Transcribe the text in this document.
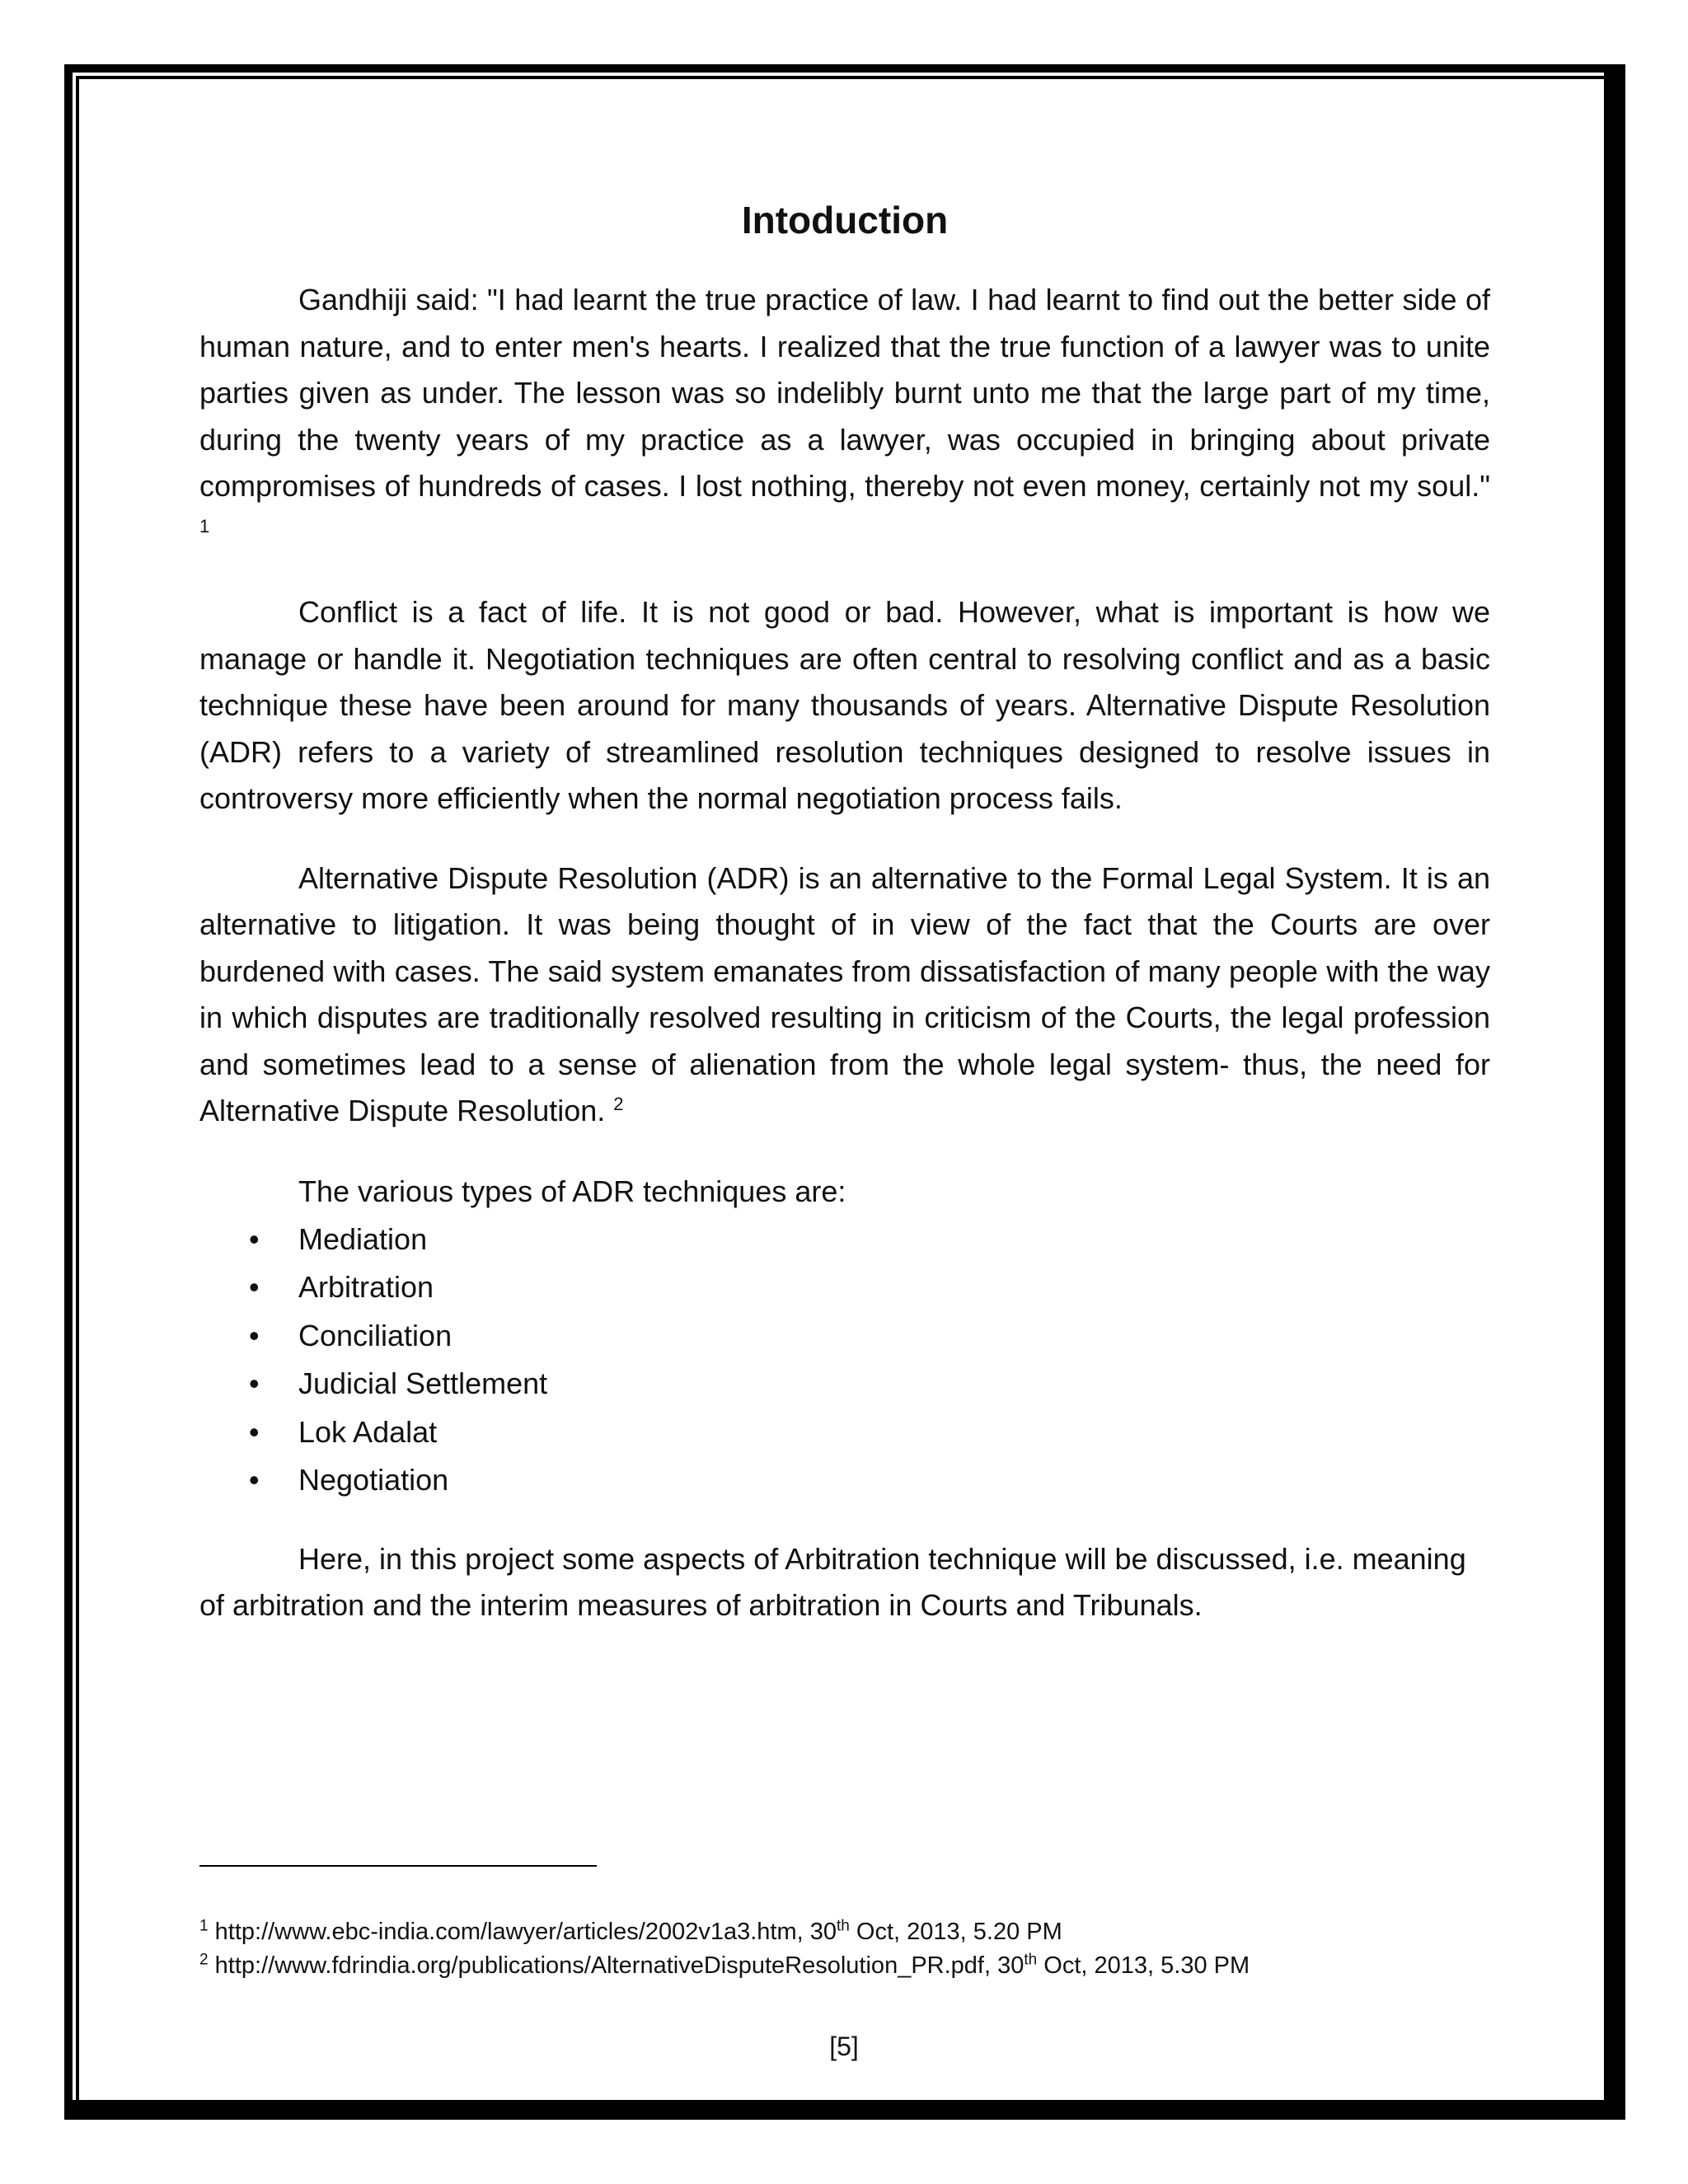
Intoduction

Gandhiji said: "I had learnt the true practice of law. I had learnt to find out the better side of human nature, and to enter men's hearts. I realized that the true function of a lawyer was to unite parties given as under. The lesson was so indelibly burnt unto me that the large part of my time, during the twenty years of my practice as a lawyer, was occupied in bringing about private compromises of hundreds of cases. I lost nothing, thereby not even money, certainly not my soul." $^1$

Conflict is a fact of life. It is not good or bad. However, what is important is how we manage or handle it. Negotiation techniques are often central to resolving conflict and as a basic technique these have been around for many thousands of years. Alternative Dispute Resolution (ADR) refers to a variety of streamlined resolution techniques designed to resolve issues in controversy more efficiently when the normal negotiation process fails.

Alternative Dispute Resolution (ADR) is an alternative to the Formal Legal System. It is an alternative to litigation. It was being thought of in view of the fact that the Courts are over burdened with cases. The said system emanates from dissatisfaction of many people with the way in which disputes are traditionally resolved resulting in criticism of the Courts, the legal profession and sometimes lead to a sense of alienation from the whole legal system- thus, the need for Alternative Dispute Resolution. $^2$

The various types of ADR techniques are:

• Mediation
• Arbitration
• Conciliation
• Judicial Settlement
• Lok Adalat
• Negotiation

Here, in this project some aspects of Arbitration technique will be discussed, i.e. meaning of arbitration and the interim measures of arbitration in Courts and Tribunals.

$^1$ http://www.ebc-india.com/lawyer/articles/2002v1a3.htm, 30th Oct, 2013, 5.20 PM
$^2$ http://www.fdrindia.org/publications/AlternativeDisputeResolution_PR.pdf, 30th Oct, 2013, 5.30 PM
[5]
